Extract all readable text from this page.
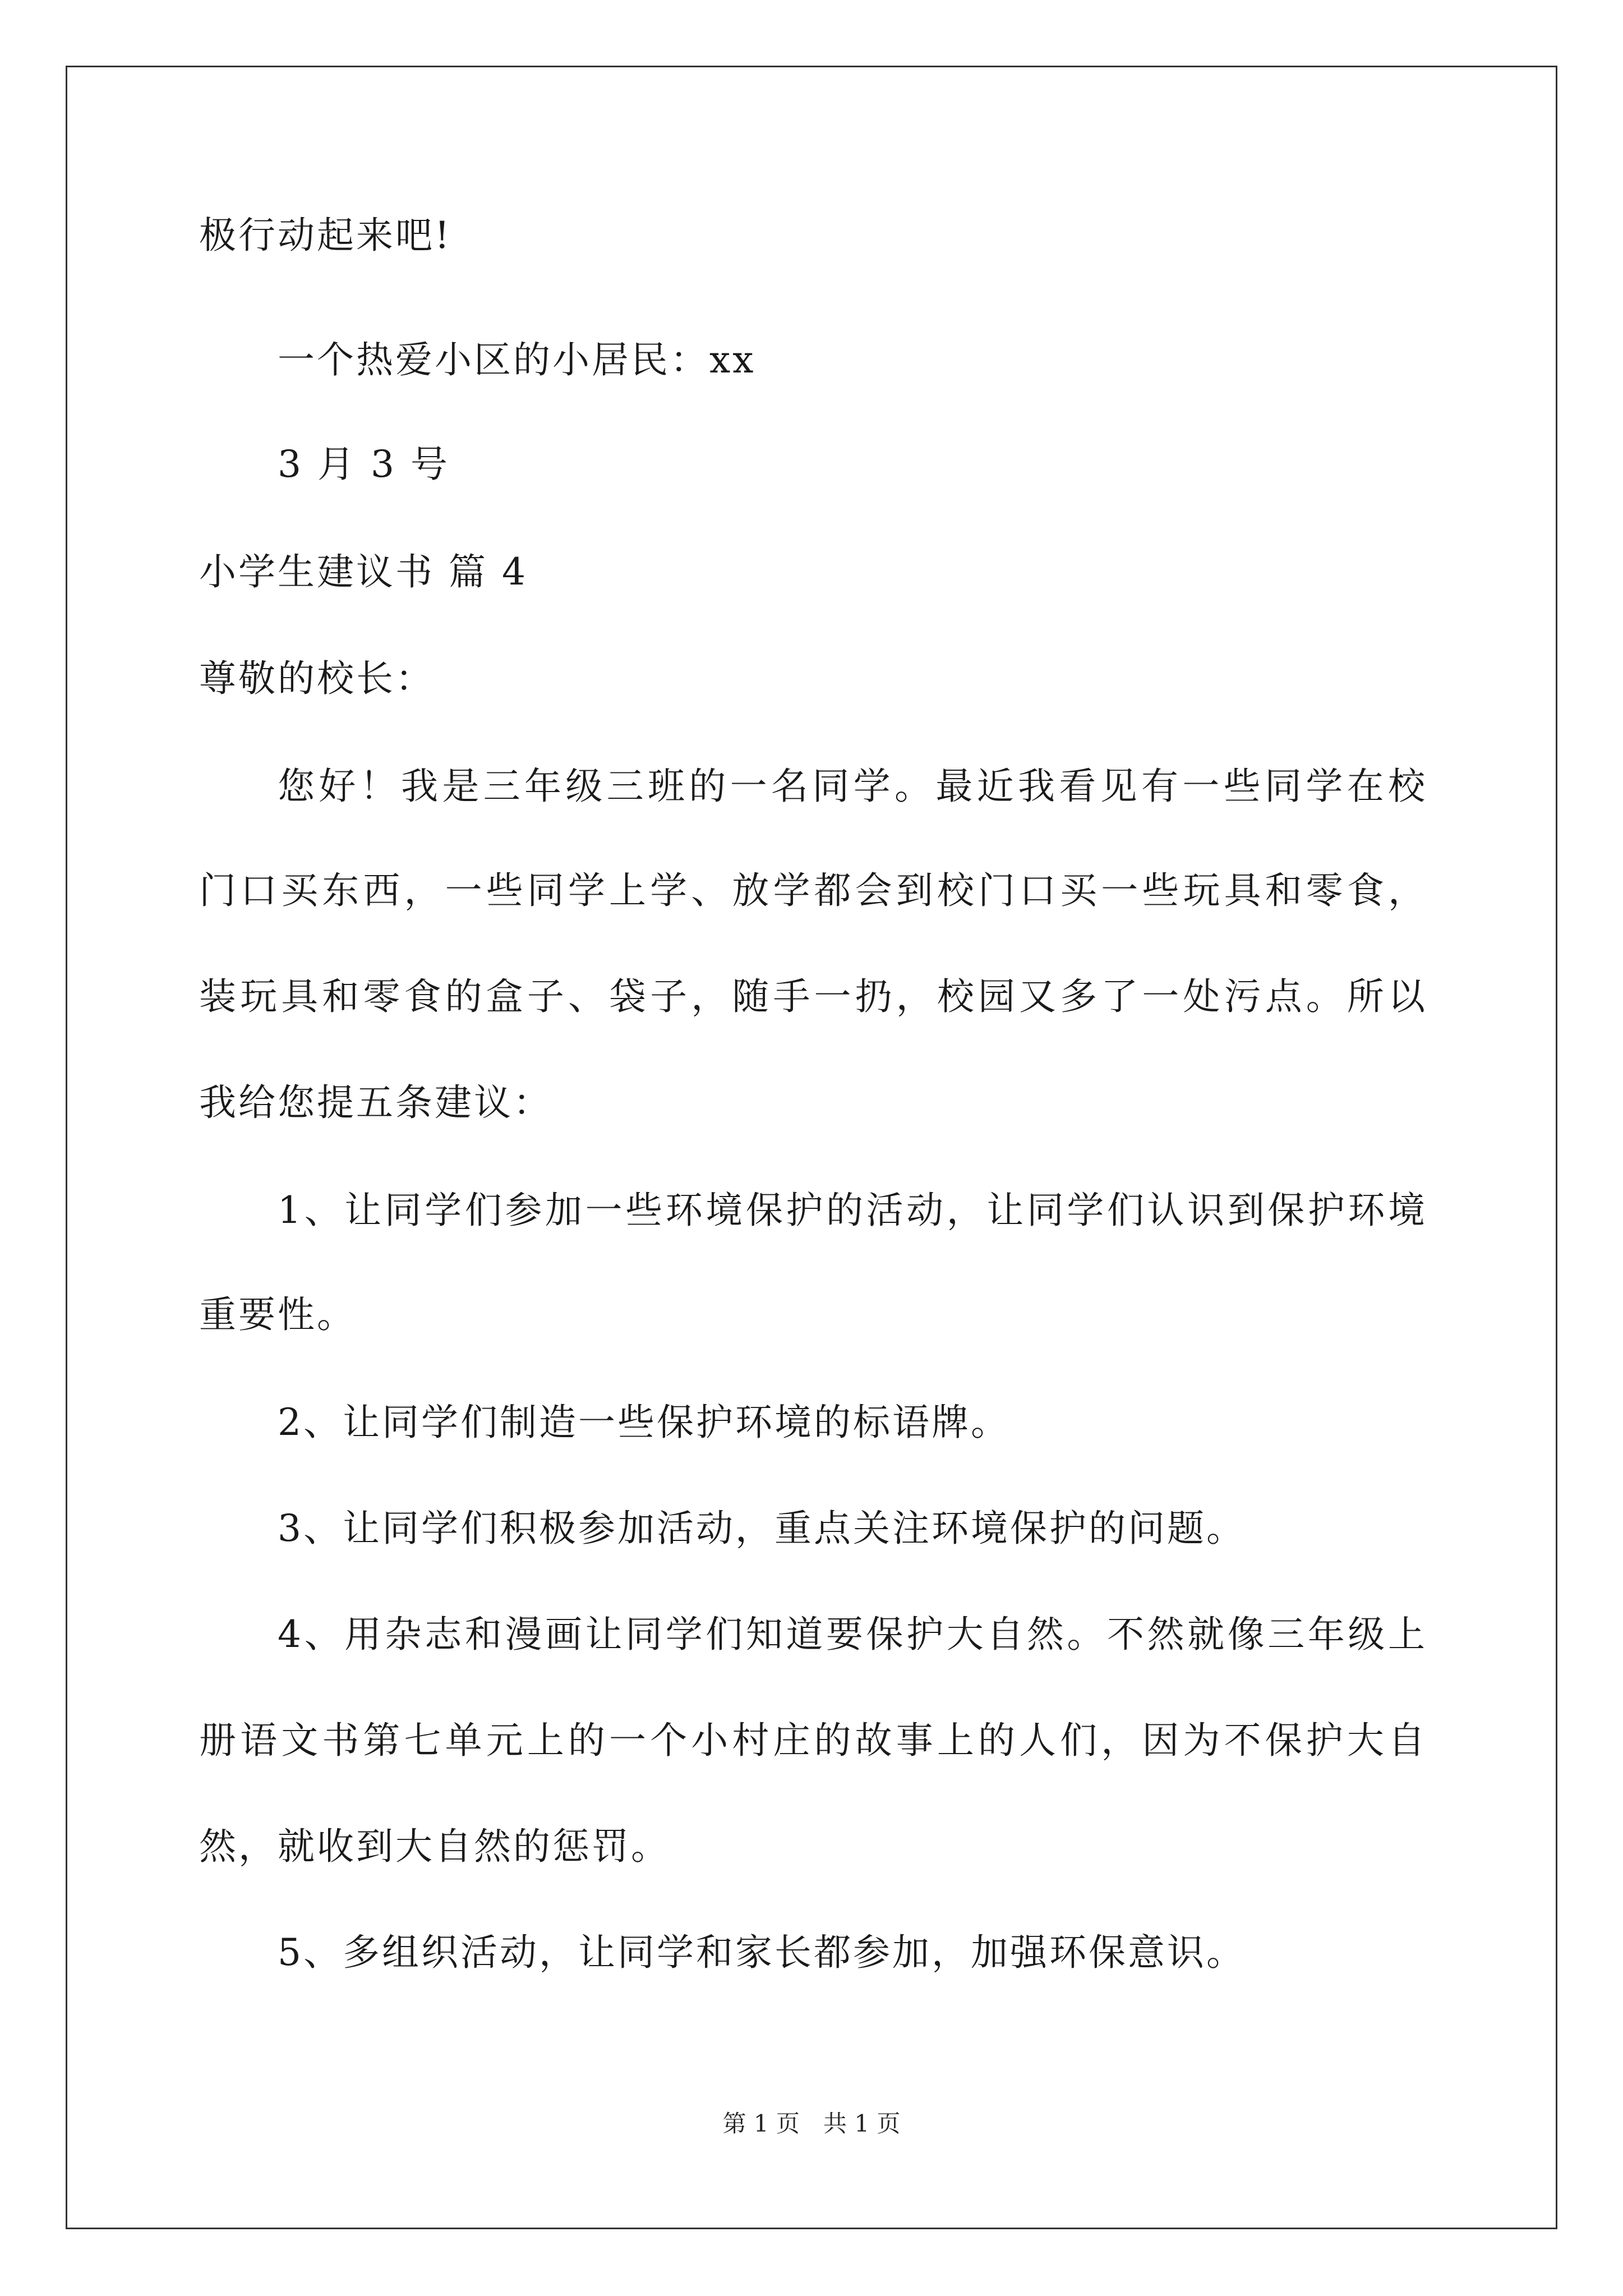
极行动起来吧!
一个热爱小区的小居民：xx
3 月 3 号
小学生建议书 篇 4
尊敬的校长：
您好！我是三年级三班的一名同学。最近我看见有一些同学在校
门口买东西，一些同学上学、放学都会到校门口买一些玩具和零食，
装玩具和零食的盒子、袋子，随手一扔，校园又多了一处污点。所以
我给您提五条建议：
1、让同学们参加一些环境保护的活动，让同学们认识到保护环境
重要性。
2、让同学们制造一些保护环境的标语牌。
3、让同学们积极参加活动，重点关注环境保护的问题。
4、用杂志和漫画让同学们知道要保护大自然。不然就像三年级上
册语文书第七单元上的一个小村庄的故事上的人们，因为不保护大自
然，就收到大自然的惩罚。
5、多组织活动，让同学和家长都参加，加强环保意识。
第 1 页　共 1 页
